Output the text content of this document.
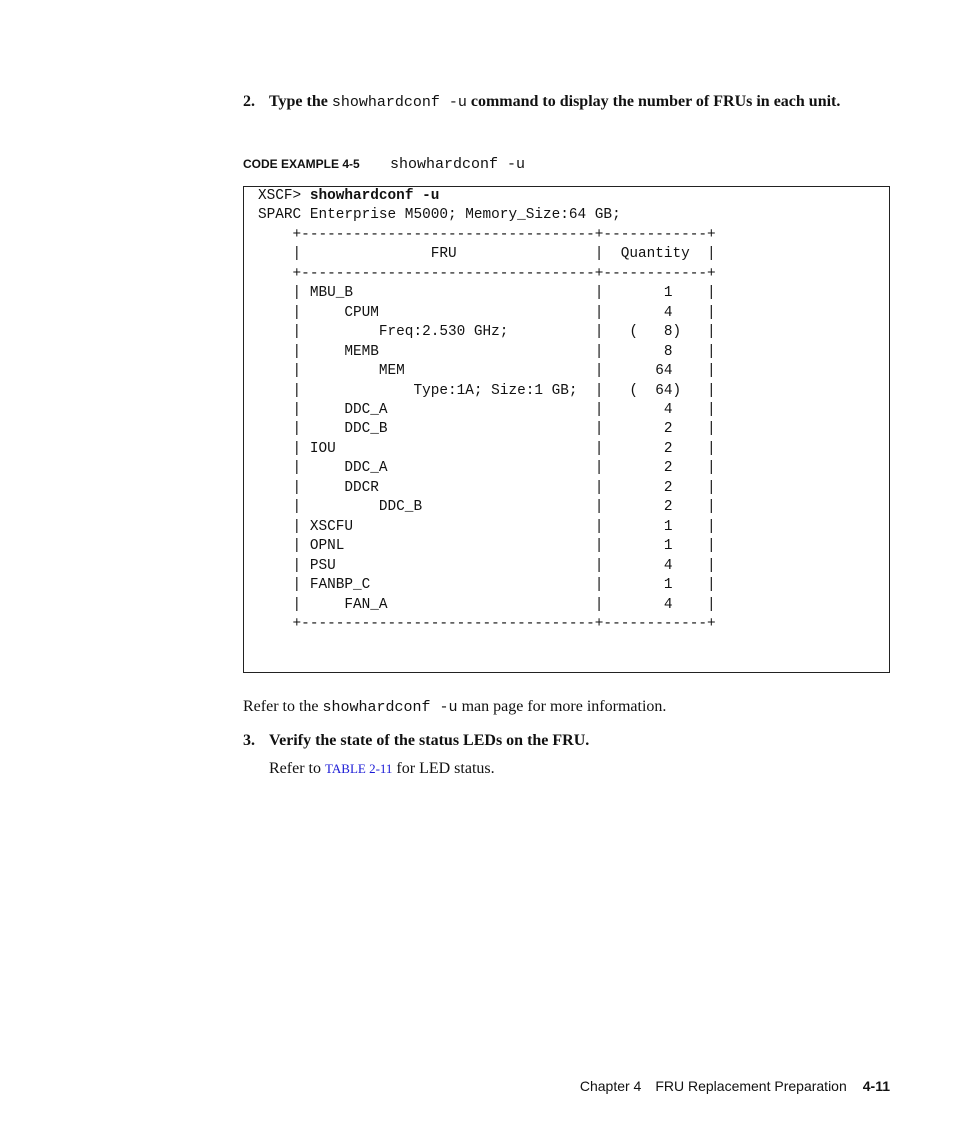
2. Type the showhardconf -u command to display the number of FRUs in each unit.
CODE EXAMPLE 4-5 showhardconf -u
XSCF> showhardconf -u
SPARC Enterprise M5000; Memory_Size:64 GB;
+----------------------------------+------------+
|               FRU                |  Quantity  |
+----------------------------------+------------+
| MBU_B                            |       1    |
|     CPUM                         |       4    |
|         Freq:2.530 GHz;          |   (   8)   |
|     MEMB                         |       8    |
|         MEM                      |      64    |
|             Type:1A; Size:1 GB;  |   (  64)   |
|     DDC_A                        |       4    |
|     DDC_B                        |       2    |
| IOU                              |       2    |
|     DDC_A                        |       2    |
|     DDCR                         |       2    |
|         DDC_B                    |       2    |
| XSCFU                            |       1    |
| OPNL                             |       1    |
| PSU                              |       4    |
| FANBP_C                          |       1    |
|     FAN_A                        |       4    |
+----------------------------------+------------+
Refer to the showhardconf -u man page for more information.
3. Verify the state of the status LEDs on the FRU.
Refer to TABLE 2-11 for LED status.
Chapter 4 FRU Replacement Preparation 4-11
